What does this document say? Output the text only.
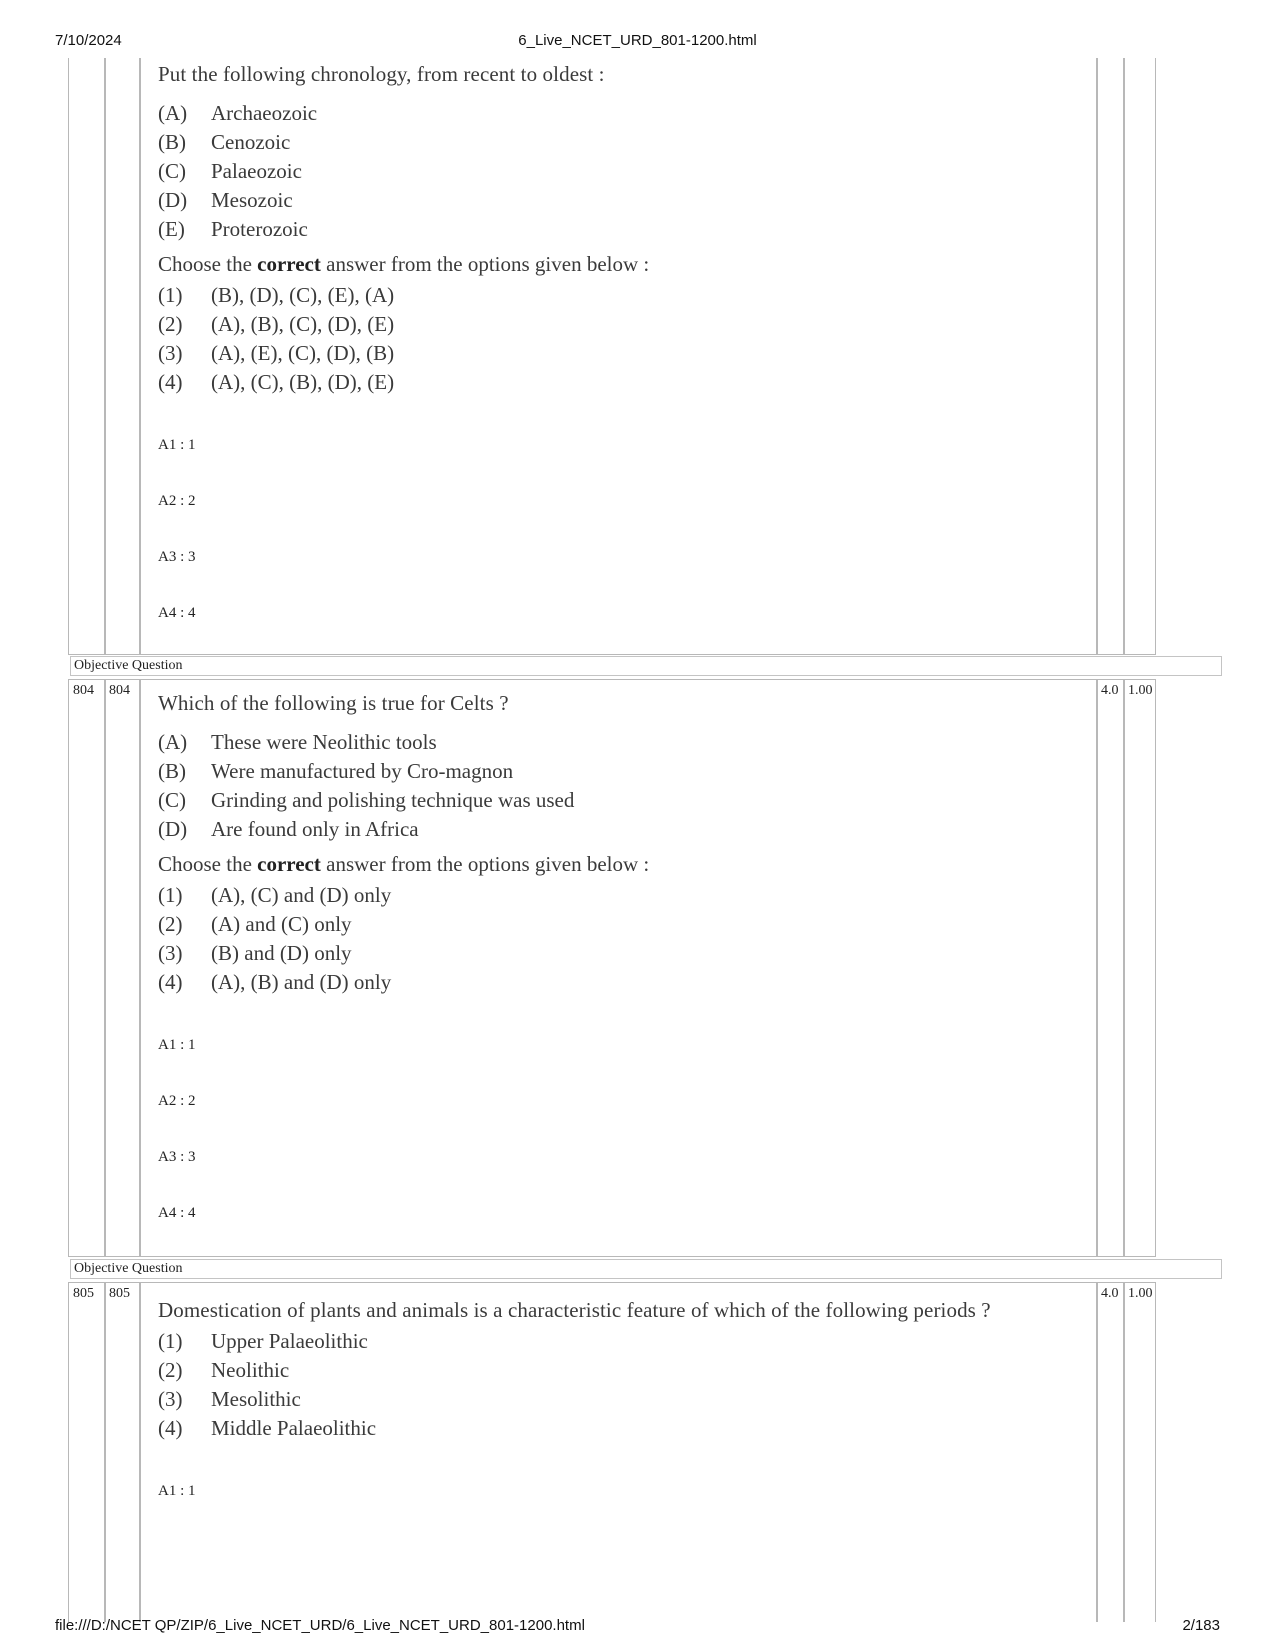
7/10/2024	6_Live_NCET_URD_801-1200.html

Put the following chronology, from recent to oldest :

(A)	Archaeozoic
(B)	Cenozoic
(C)	Palaeozoic
(D)	Mesozoic
(E)	Proterozoic

Choose the correct answer from the options given below :

(1)	(B), (D), (C), (E), (A)
(2)	(A), (B), (C), (D), (E)
(3)	(A), (E), (C), (D), (B)
(4)	(A), (C), (B), (D), (E)
A1 : 1
A2 : 2
A3 : 3
A4 : 4
Objective Question
804 804	4.0 1.00

Which of the following is true for Celts ?

(A)	These were Neolithic tools
(B)	Were manufactured by Cro-magnon
(C)	Grinding and polishing technique was used
(D)	Are found only in Africa

Choose the correct answer from the options given below :

(1)	(A), (C) and (D) only
(2)	(A) and (C) only
(3)	(B) and (D) only
(4)	(A), (B) and (D) only
A1 : 1
A2 : 2
A3 : 3
A4 : 4
Objective Question
805 805	4.0 1.00

Domestication of plants and animals is a characteristic feature of which of the following periods ?

(1)	Upper Palaeolithic
(2)	Neolithic
(3)	Mesolithic
(4)	Middle Palaeolithic
A1 : 1
file:///D:/NCET QP/ZIP/6_Live_NCET_URD/6_Live_NCET_URD_801-1200.html	2/183
